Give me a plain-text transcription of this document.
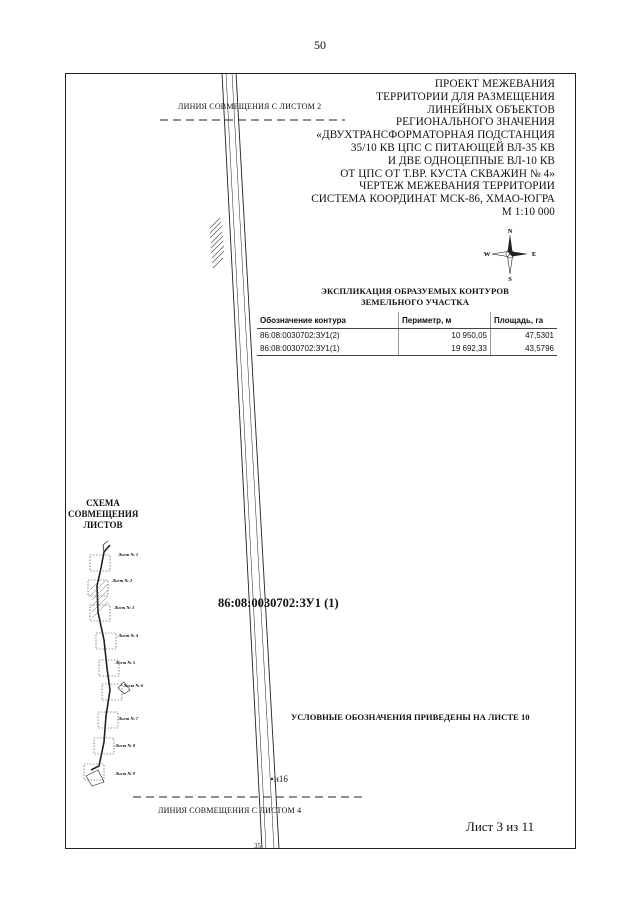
50
35
ЛИНИЯ СОВМЕЩЕНИЯ С ЛИСТОМ 2
ЛИНИЯ СОВМЕЩЕНИЯ С ЛИСТОМ 4
ПРОЕКТ МЕЖЕВАНИЯ
ТЕРРИТОРИИ ДЛЯ РАЗМЕЩЕНИЯ
ЛИНЕЙНЫХ ОБЪЕКТОВ
РЕГИОНАЛЬНОГО ЗНАЧЕНИЯ
«ДВУХТРАНСФОРМАТОРНАЯ ПОДСТАНЦИЯ
35/10 КВ ЦПС С ПИТАЮЩЕЙ ВЛ-35 КВ
И ДВЕ ОДНОЦЕПНЫЕ ВЛ-10 КВ
ОТ ЦПС ОТ Т.ВР. КУСТА СКВАЖИН № 4»
ЧЕРТЕЖ МЕЖЕВАНИЯ ТЕРРИТОРИИ
СИСТЕМА КООРДИНАТ МСК-86, ХМАО-ЮГРА
М 1:10 000
N
S
W	E
ЭКСПЛИКАЦИЯ ОБРАЗУЕМЫХ КОНТУРОВ
ЗЕМЕЛЬНОГО УЧАСТКА
Обозначение контура	Периметр, м	Площадь, га
86:08:0030702:ЗУ1(2)	10 950,05	47,5301
86:08:0030702:ЗУ1(1)	19 692,33	43,5796
СХЕМА
СОВМЕЩЕНИЯ
ЛИСТОВ
Лист № 1
Лист № 2
Лист № 3
Лист № 4
Лист № 5
Лист № 6
Лист № 7
Лист № 8
Лист № 9
86:08:0030702:ЗУ1 (1)
УСЛОВНЫЕ ОБОЗНАЧЕНИЯ ПРИВЕДЕНЫ НА ЛИСТЕ 10
н16
Лист 3 из 11
